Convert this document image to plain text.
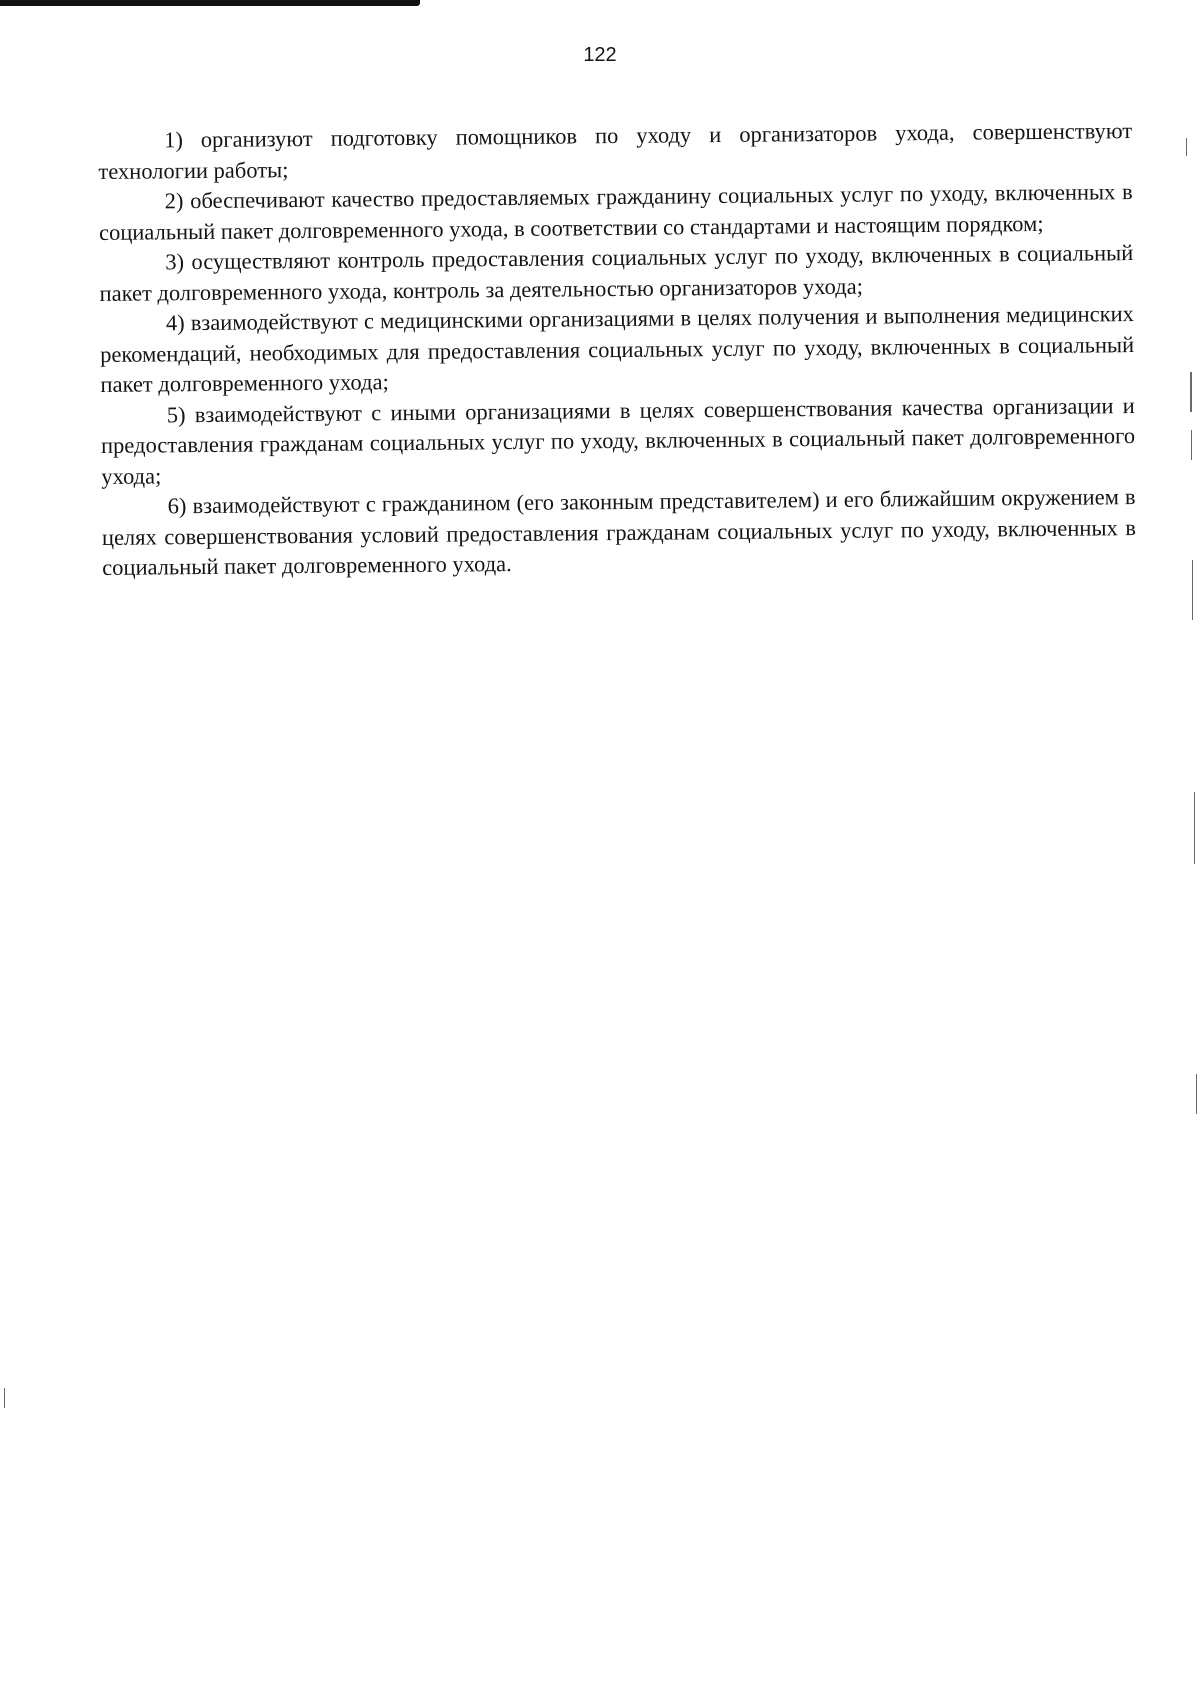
122

1) организуют подготовку помощников по уходу и организаторов ухода, совершенствуют технологии работы;

2) обеспечивают качество предоставляемых гражданину социальных услуг по уходу, включенных в социальный пакет долговременного ухода, в соответствии со стандартами и настоящим порядком;

3) осуществляют контроль предоставления социальных услуг по уходу, включенных в социальный пакет долговременного ухода, контроль за деятельностью организаторов ухода;

4) взаимодействуют с медицинскими организациями в целях получения и выполнения медицинских рекомендаций, необходимых для предоставления социальных услуг по уходу, включенных в социальный пакет долговременного ухода;

5) взаимодействуют с иными организациями в целях совершенствования качества организации и предоставления гражданам социальных услуг по уходу, включенных в социальный пакет долговременного ухода;

6) взаимодействуют с гражданином (его законным представителем) и его ближайшим окружением в целях совершенствования условий предоставления гражданам социальных услуг по уходу, включенных в социальный пакет долговременного ухода.
